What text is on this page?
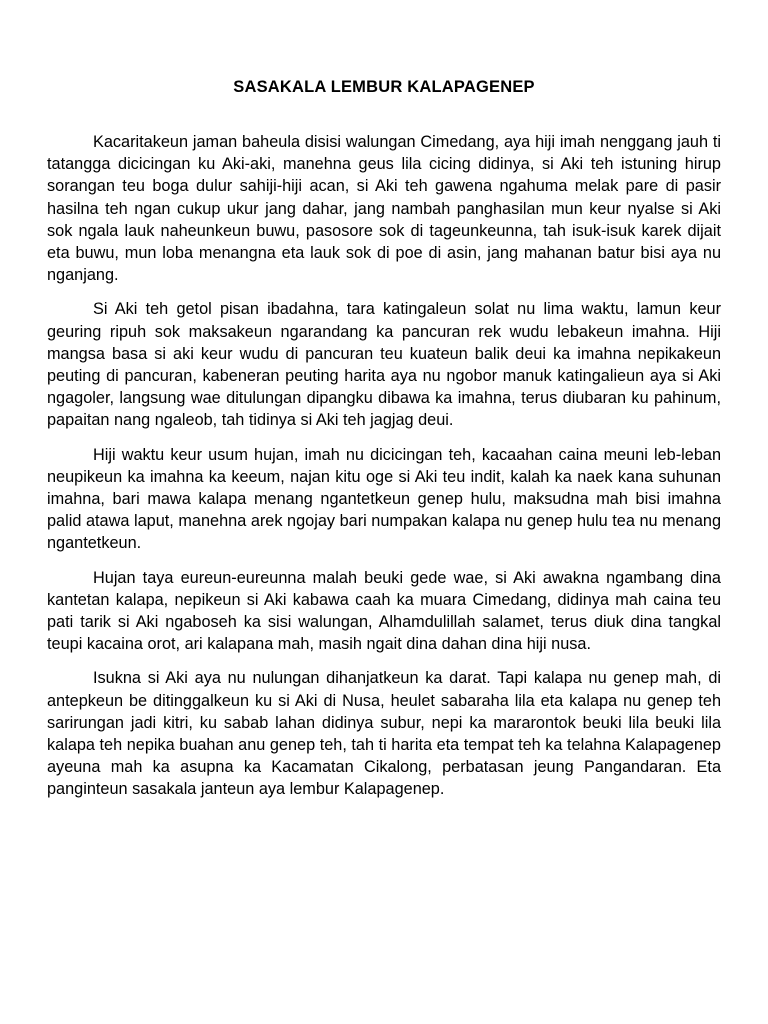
SASAKALA LEMBUR KALAPAGENEP

Kacaritakeun jaman baheula disisi walungan Cimedang, aya hiji imah nenggang jauh ti tatangga dicicingan ku Aki-aki, manehna geus lila cicing didinya, si Aki teh istuning hirup sorangan teu boga dulur sahiji-hiji acan, si Aki teh gawena ngahuma melak pare di pasir hasilna teh ngan cukup ukur jang dahar, jang nambah panghasilan mun keur nyalse si Aki sok ngala lauk naheunkeun buwu, pasosore sok di tageunkeunna, tah isuk-isuk karek dijait eta buwu, mun loba menangna eta lauk sok di poe di asin, jang mahanan batur bisi aya nu nganjang.

Si Aki teh getol pisan ibadahna, tara katingaleun solat nu lima waktu, lamun keur geuring ripuh sok maksakeun ngarandang ka pancuran rek wudu lebakeun imahna. Hiji mangsa basa si aki keur wudu di pancuran teu kuateun balik deui ka imahna nepikakeun peuting di pancuran, kabeneran peuting harita aya nu ngobor manuk katingalieun aya si Aki ngagoler, langsung wae ditulungan dipangku dibawa ka imahna, terus diubaran ku pahinum, papaitan nang ngaleob, tah tidinya si Aki teh jagjag deui.

Hiji waktu keur usum hujan, imah nu dicicingan teh, kacaahan caina meuni leb-leban neupikeun ka imahna ka keeum, najan kitu oge si Aki teu indit, kalah ka naek kana suhunan imahna, bari mawa kalapa menang ngantetkeun genep hulu, maksudna mah bisi imahna palid atawa laput, manehna arek ngojay bari numpakan kalapa nu genep hulu tea nu menang ngantetkeun.

Hujan taya eureun-eureunna malah beuki gede wae, si Aki awakna ngambang dina kantetan kalapa, nepikeun si Aki kabawa caah ka muara Cimedang, didinya mah caina teu pati tarik si Aki ngaboseh ka sisi walungan, Alhamdulillah salamet, terus diuk dina tangkal teupi kacaina orot, ari kalapana mah, masih ngait dina dahan dina hiji nusa.

Isukna si Aki aya nu nulungan dihanjatkeun ka darat. Tapi kalapa nu genep mah, di antepkeun be ditinggalkeun ku si Aki di Nusa, heulet sabaraha lila eta kalapa nu genep teh sarirungan jadi kitri, ku sabab lahan didinya subur, nepi ka mararontok beuki lila beuki lila kalapa teh nepika buahan anu genep teh, tah ti harita eta tempat teh ka telahna Kalapagenep ayeuna mah ka asupna ka Kacamatan Cikalong, perbatasan jeung Pangandaran. Eta panginteun sasakala janteun aya lembur Kalapagenep.
